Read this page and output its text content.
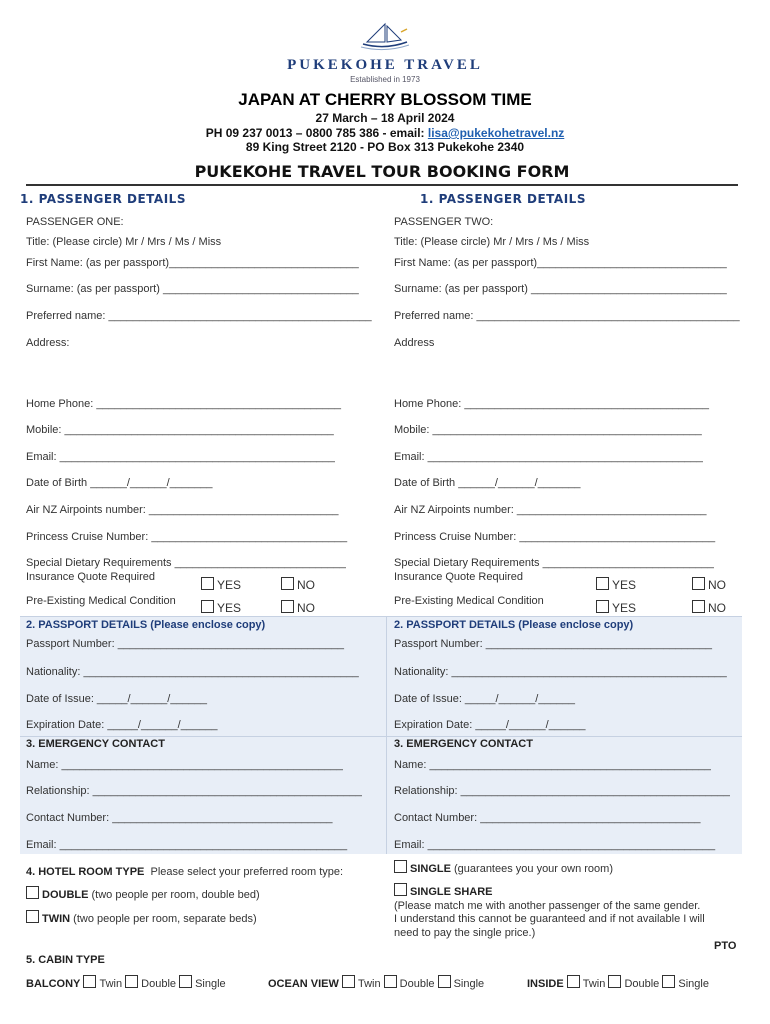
PUKEKOHE TRAVEL
Established in 1973
JAPAN AT CHERRY BLOSSOM TIME
27 March – 18 April 2024
PH 09 237 0013 – 0800 785 386 - email: lisa@pukekohetravel.nz
89 King Street 2120 - PO Box 313 Pukekohe 2340
PUKEKOHE TRAVEL TOUR BOOKING FORM
1. PASSENGER DETAILS	1. PASSENGER DETAILS
PASSENGER ONE:
Title: (Please circle) Mr / Mrs / Ms / Miss
First Name: (as per passport)_______________________________
Surname: (as per passport) ________________________________
Preferred name: ___________________________________________
Address:
Home Phone: ________________________________________
Mobile: ____________________________________________
Email: _____________________________________________
Date of Birth ______/______/_______
Air NZ Airpoints number: _______________________________
Princess Cruise Number: ________________________________
Special Dietary Requirements ____________________________
Insurance Quote Required
YES	NO
Pre-Existing Medical Condition	YES	NO
PASSENGER TWO:
Title: (Please circle) Mr / Mrs / Ms / Miss
First Name: (as per passport)_______________________________
Surname: (as per passport) ________________________________
Preferred name: ___________________________________________
Address
Home Phone: ________________________________________
Mobile: ____________________________________________
Email: _____________________________________________
Date of Birth ______/______/_______
Air NZ Airpoints number: _______________________________
Princess Cruise Number: ________________________________
Special Dietary Requirements ____________________________
Insurance Quote Required
YES	NO
Pre-Existing Medical Condition	YES	NO
2. PASSPORT DETAILS (Please enclose copy)	2. PASSPORT DETAILS (Please enclose copy)
Passport Number: _____________________________________	Passport Number: _____________________________________
Nationality: _____________________________________________	Nationality: _____________________________________________
Date of Issue: _____/______/______	Date of Issue: _____/______/______
Expiration Date: _____/______/______	Expiration Date: _____/______/______
3. EMERGENCY CONTACT	3. EMERGENCY CONTACT
Name: ______________________________________________	Name: ______________________________________________
Relationship: ____________________________________________	Relationship: ____________________________________________
Contact Number: ____________________________________	Contact Number: ____________________________________
Email: _______________________________________________	Email: _______________________________________________
4. HOTEL ROOM TYPE Please select your preferred room type:
DOUBLE (two people per room, double bed)
TWIN (two people per room, separate beds)
SINGLE (guarantees you your own room)
SINGLE SHARE
(Please match me with another passenger of the same gender.
I understand this cannot be guaranteed and if not available I will
need to pay the single price.)
PTO
5. CABIN TYPE
BALCONY Twin Double Single	OCEAN VIEW Twin Double Single	INSIDE Twin Double Single
